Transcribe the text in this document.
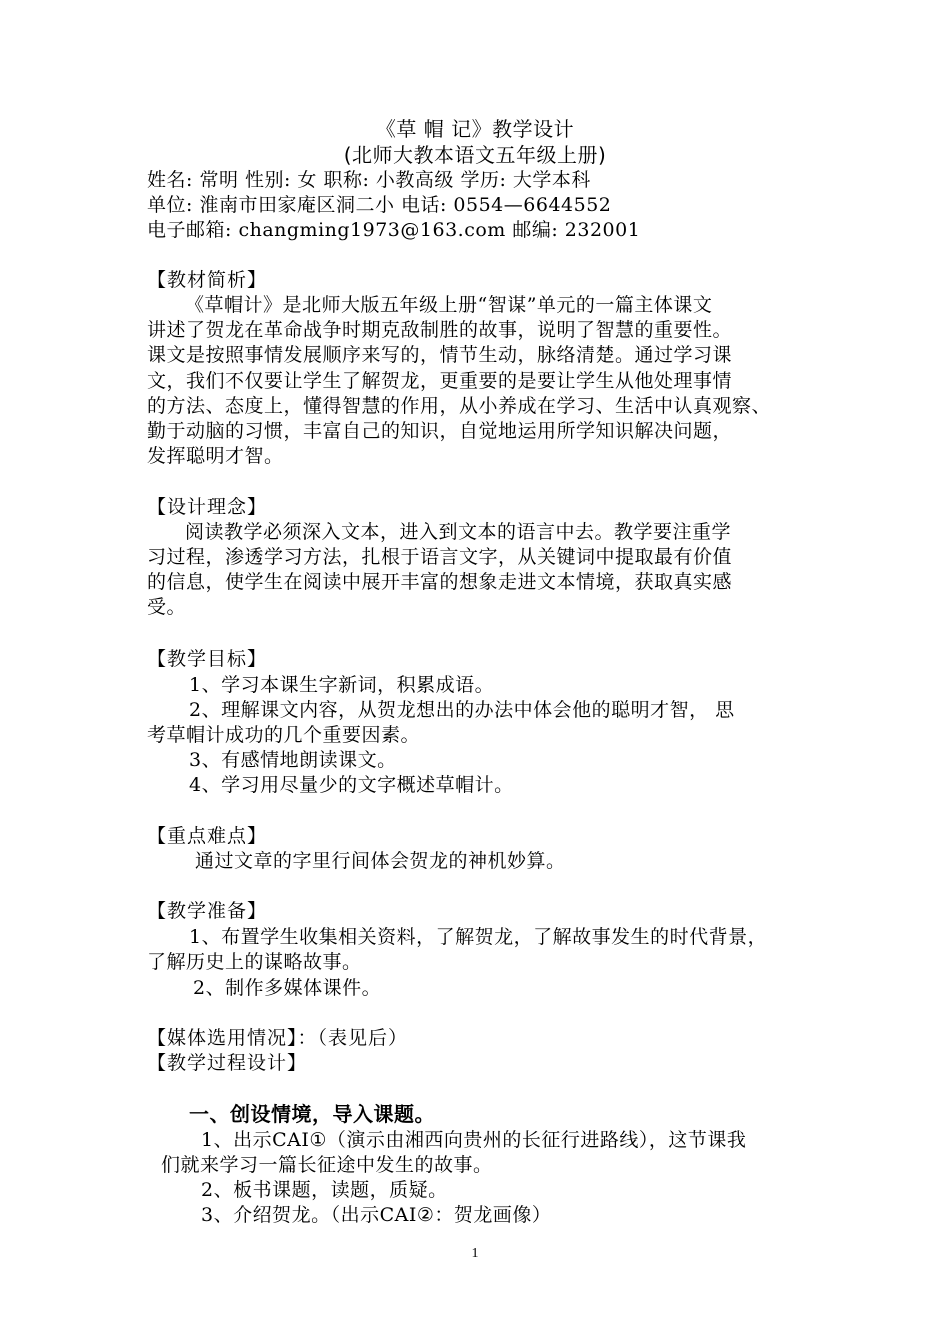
《草 帽 记》教学设计
(北师大教本语文五年级上册)
姓名: 常明 性别: 女 职称: 小教高级 学历: 大学本科
单位: 淮南市田家庵区洞二小 电话: 0554—6644552
电子邮箱: changming1973@163.com 邮编: 232001
【教材简析】
《草帽计》是北师大版五年级上册“智谋”单元的一篇主体课文
讲述了贺龙在革命战争时期克敌制胜的故事，说明了智慧的重要性。
课文是按照事情发展顺序来写的，情节生动，脉络清楚。通过学习课
文，我们不仅要让学生了解贺龙，更重要的是要让学生从他处理事情
的方法、态度上，懂得智慧的作用，从小养成在学习、生活中认真观察、
勤于动脑的习惯，丰富自己的知识，自觉地运用所学知识解决问题，
发挥聪明才智。
【设计理念】
阅读教学必须深入文本，进入到文本的语言中去。教学要注重学
习过程，渗透学习方法，扎根于语言文字，从关键词中提取最有价值
的信息，使学生在阅读中展开丰富的想象走进文本情境，获取真实感
受。
【教学目标】
1、学习本课生字新词，积累成语。
2、理解课文内容，从贺龙想出的办法中体会他的聪明才智， 思
考草帽计成功的几个重要因素。
3、有感情地朗读课文。
4、学习用尽量少的文字概述草帽计。
【重点难点】
通过文章的字里行间体会贺龙的神机妙算。
【教学准备】
1、布置学生收集相关资料，了解贺龙，了解故事发生的时代背景，
了解历史上的谋略故事。
2、制作多媒体课件。
【媒体选用情况】：（表见后）
【教学过程设计】
一、创设情境，导入课题。
1、出示CAI①（演示由湘西向贵州的长征行进路线），这节课我
们就来学习一篇长征途中发生的故事。
2、板书课题，读题，质疑。
3、介绍贺龙。（出示CAI②：贺龙画像）
1
